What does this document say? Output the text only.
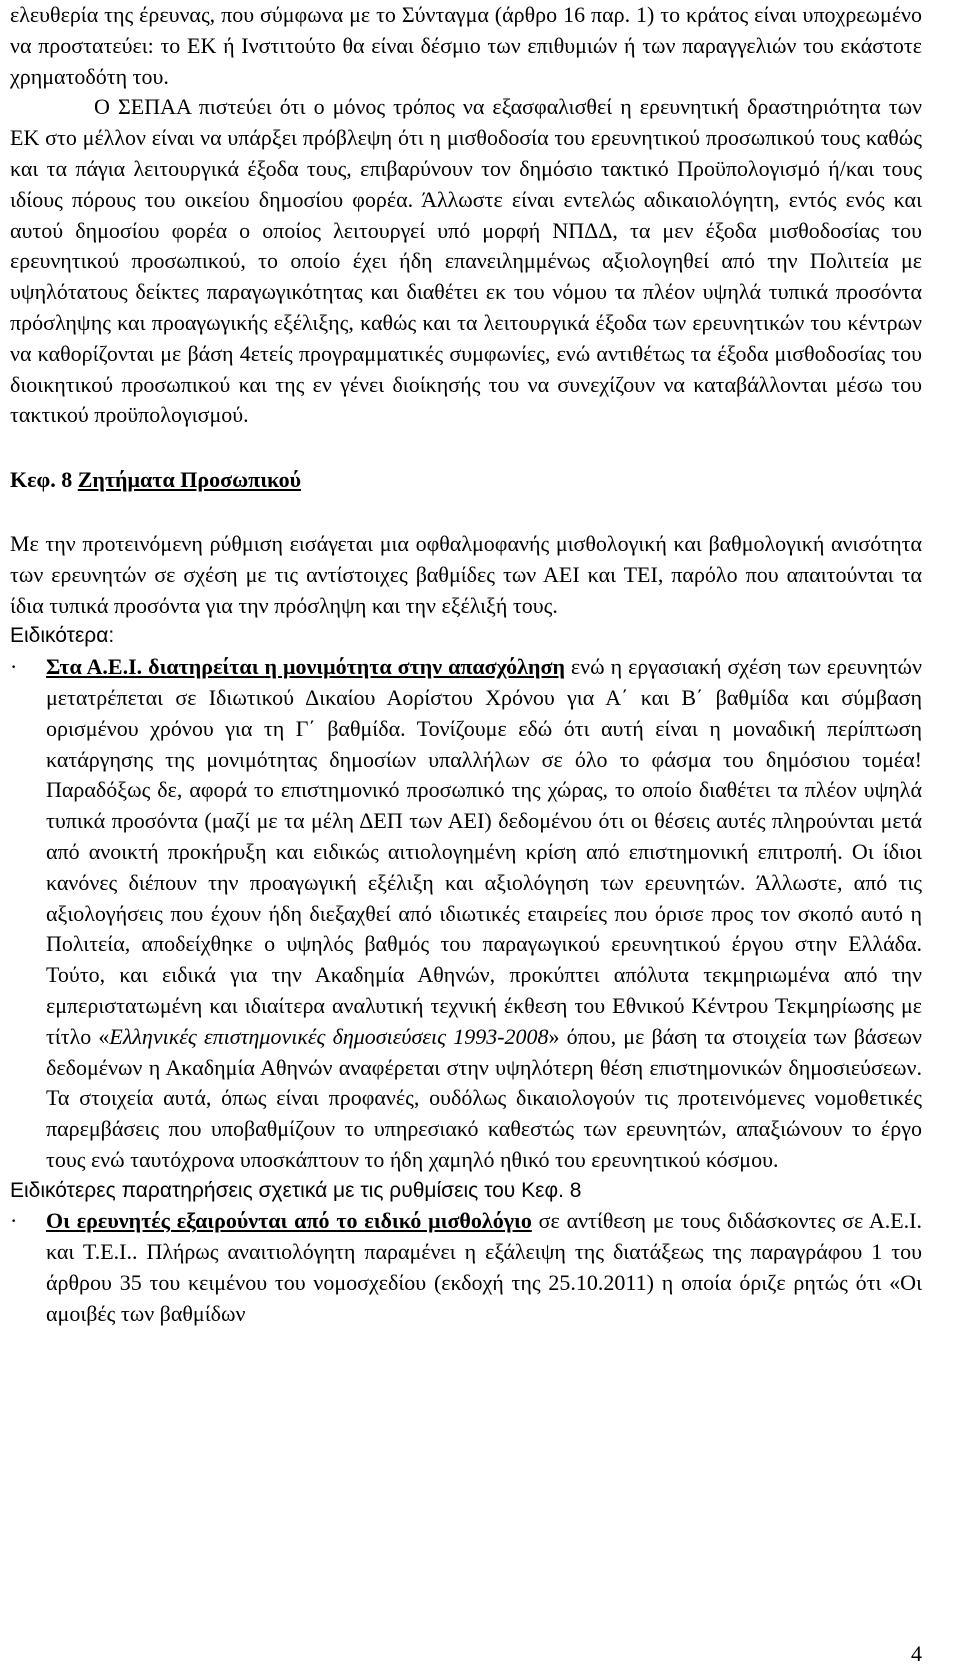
ελευθερία της έρευνας, που σύμφωνα με το Σύνταγμα (άρθρο 16 παρ. 1) το κράτος είναι υποχρεωμένο να προστατεύει: το ΕΚ ή Ινστιτούτο θα είναι δέσμιο των επιθυμιών ή των παραγγελιών του εκάστοτε χρηματοδότη του.

Ο ΣΕΠΑΑ πιστεύει ότι ο μόνος τρόπος να εξασφαλισθεί η ερευνητική δραστηριότητα των ΕΚ στο μέλλον είναι να υπάρξει πρόβλεψη ότι η μισθοδοσία του ερευνητικού προσωπικού τους καθώς και τα πάγια λειτουργικά έξοδα τους, επιβαρύνουν τον δημόσιο τακτικό Προϋπολογισμό ή/και τους ιδίους πόρους του οικείου δημοσίου φορέα. Άλλωστε είναι εντελώς αδικαιολόγητη, εντός ενός και αυτού δημοσίου φορέα ο οποίος λειτουργεί υπό μορφή ΝΠΔΔ, τα μεν έξοδα μισθοδοσίας του ερευνητικού προσωπικού, το οποίο έχει ήδη επανειλημμένως αξιολογηθεί από την Πολιτεία με υψηλότατους δείκτες παραγωγικότητας και διαθέτει εκ του νόμου τα πλέον υψηλά τυπικά προσόντα πρόσληψης και προαγωγικής εξέλιξης, καθώς και τα λειτουργικά έξοδα των ερευνητικών του κέντρων να καθορίζονται με βάση 4ετείς προγραμματικές συμφωνίες, ενώ αντιθέτως τα έξοδα μισθοδοσίας του διοικητικού προσωπικού και της εν γένει διοίκησής του να συνεχίζουν να καταβάλλονται μέσω του τακτικού προϋπολογισμού.

Κεφ. 8 Ζητήματα Προσωπικού

Με την προτεινόμενη ρύθμιση εισάγεται μια οφθαλμοφανής μισθολογική και βαθμολογική ανισότητα των ερευνητών σε σχέση με τις αντίστοιχες βαθμίδες των ΑΕΙ και ΤΕΙ, παρόλο που απαιτούνται τα ίδια τυπικά προσόντα για την πρόσληψη και την εξέλιξή τους.

Ειδικότερα:

·	Στα Α.Ε.Ι. διατηρείται η μονιμότητα στην απασχόληση ενώ η εργασιακή σχέση των ερευνητών μετατρέπεται σε Ιδιωτικού Δικαίου Αορίστου Χρόνου για Α΄ και Β΄ βαθμίδα και σύμβαση ορισμένου χρόνου για τη Γ΄ βαθμίδα. Τονίζουμε εδώ ότι αυτή είναι η μοναδική περίπτωση κατάργησης της μονιμότητας δημοσίων υπαλλήλων σε όλο το φάσμα του δημόσιου τομέα! Παραδόξως δε, αφορά το επιστημονικό προσωπικό της χώρας, το οποίο διαθέτει τα πλέον υψηλά τυπικά προσόντα (μαζί με τα μέλη ΔΕΠ των ΑΕΙ) δεδομένου ότι οι θέσεις αυτές πληρούνται μετά από ανοικτή προκήρυξη και ειδικώς αιτιολογημένη κρίση από επιστημονική επιτροπή. Οι ίδιοι κανόνες διέπουν την προαγωγική εξέλιξη και αξιολόγηση των ερευνητών. Άλλωστε, από τις αξιολογήσεις που έχουν ήδη διεξαχθεί από ιδιωτικές εταιρείες που όρισε προς τον σκοπό αυτό η Πολιτεία, αποδείχθηκε ο υψηλός βαθμός του παραγωγικού ερευνητικού έργου στην Ελλάδα. Τούτο, και ειδικά για την Ακαδημία Αθηνών, προκύπτει απόλυτα τεκμηριωμένα από την εμπεριστατωμένη και ιδιαίτερα αναλυτική τεχνική έκθεση του Εθνικού Κέντρου Τεκμηρίωσης με τίτλο «Ελληνικές επιστημονικές δημοσιεύσεις 1993-2008» όπου, με βάση τα στοιχεία των βάσεων δεδομένων η Ακαδημία Αθηνών αναφέρεται στην υψηλότερη θέση επιστημονικών δημοσιεύσεων. Τα στοιχεία αυτά, όπως είναι προφανές, ουδόλως δικαιολογούν τις προτεινόμενες νομοθετικές παρεμβάσεις που υποβαθμίζουν το υπηρεσιακό καθεστώς των ερευνητών, απαξιώνουν το έργο τους ενώ ταυτόχρονα υποσκάπτουν το ήδη χαμηλό ηθικό του ερευνητικού κόσμου.

Ειδικότερες παρατηρήσεις σχετικά με τις ρυθμίσεις του Κεφ. 8

·	Οι ερευνητές εξαιρούνται από το ειδικό μισθολόγιο σε αντίθεση με τους διδάσκοντες σε Α.Ε.Ι. και Τ.Ε.Ι.. Πλήρως αναιτιολόγητη παραμένει η εξάλειψη της διατάξεως της παραγράφου 1 του άρθρου 35 του κειμένου του νομοσχεδίου (εκδοχή της 25.10.2011) η οποία όριζε ρητώς ότι «Οι αμοιβές των βαθμίδων
4
